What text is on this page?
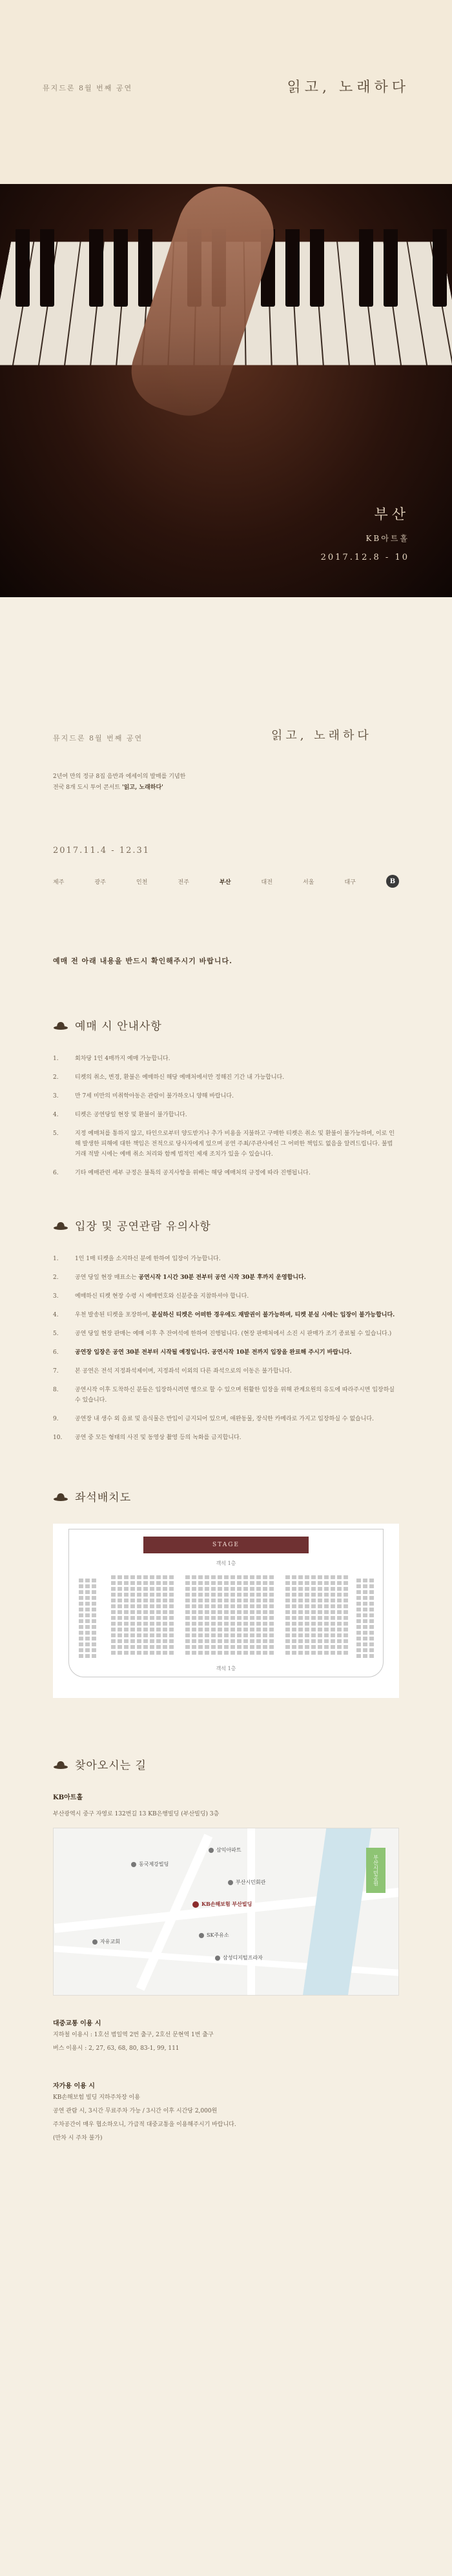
뮤지드론 8월 번째 공연	읽고, 노래하다
부산
KB아트홀
2017.12.8 - 10
뮤지드론 8월 번째 공연	읽고, 노래하다
2년여 만의 정규 8집 음반과 에세이의 발매를 기념한
전국 8개 도시 투어 콘서트 '읽고, 노래하다'
2017.11.4 - 12.31
제주	광주	인천	전주	부산	대전	서울	대구	B
예매 전 아래 내용을 반드시 확인해주시기 바랍니다.
예매 시 안내사항
1.	회차당 1인 4매까지 예매 가능합니다.
2.	티켓의 취소, 변경, 환불은 예매하신 해당 예매처에서만 정해진 기간 내 가능합니다.
3.	만 7세 미만의 미취학아동은 관람이 불가하오니 양해 바랍니다.
4.	티켓은 공연당일 현장 및 환불이 불가합니다.
5.	지정 예매처를 통하지 않고, 타인으로부터 양도받거나 추가 비용을 지불하고 구매한 티켓은 취소 및 환불이 불가능하며, 이로 인해 발생한 피해에 대한 책임은 전적으로 당사자에게 있으며 공연 주최/주관사에선 그 어떠한 책임도 없음을 알려드립니다. 불법 거래 적발 시에는 예매 취소 처리와 함께 법적인 제재 조치가 있을 수 있습니다.
6.	기타 예매관련 세부 규정은 불특의 공지사항을 위배는 해당 예매처의 규정에 따라 진행됩니다.
입장 및 공연관람 유의사항
1.	1인 1매 티켓을 소지하신 분에 한하여 입장이 가능합니다.
2.	공연 당일 현장 매표소는 공연시작 1시간 30분 전부터 공연 시작 30분 후까지 운영합니다.
3.	예매하신 티켓 현장 수령 시 예매번호와 신분증을 지참하셔야 합니다.
4.	우천 발송된 티켓을 포장하여, 분실하신 티켓은 어떠한 경우에도 재발권이 불가능하며, 티켓 분실 시에는 입장이 불가능합니다.
5.	공연 당일 현장 판매는 예매 이후 추 잔여석에 한하여 진행됩니다. (현장 판매처에서 소진 시 판매가 조기 종료될 수 있습니다.)
6.	공연장 입장은 공연 30분 전부터 시작될 예정입니다. 공연시작 10분 전까지 입장을 완료해 주시기 바랍니다.
7.	본 공연은 전석 지정좌석제이며, 지정좌석 이외의 다른 좌석으로의 이동은 불가합니다.
8.	공연시작 이후 도착하신 분들은 입장하시려면 행으로 할 수 있으며 원활한 입장을 위해 관계요원의 유도에 따라주시면 입장하실 수 있습니다.
9.	공연장 내 생수 외 음료 및 음식물은 반입이 금지되어 있으며, 애완동물, 장식한 카메라로 가지고 입장하실 수 없습니다.
10. 공연 중 모든 형태의 사진 및 동영상 촬영 등의 녹화를 금지합니다.
좌석배치도
STAGE
객석 1층
객석 1층
찾아오시는 길
KB아트홀
부산광역시 중구 자영로 132번길 13 KB은행빌딩 (부산빌딩) 3층
부산시민공원
동국제강빌딩
삼익아파트
부산시민회관
KB손해보험 부산빌딩
SK주유소
삼성디지털프라자
자유교회
대중교통 이용 시
지하철 이용시 : 1호선 범일역 2번 출구, 2호선 문현역 1번 출구
버스 이용시 : 2, 27, 63, 68, 80, 83-1, 99, 111
자가용 이용 시
KB손해보험 빌딩 지하주차장 이용
공연 관람 시, 3시간 무료주차 가능 / 3시간 이후 시간당 2,000원
주차공간이 매우 협소하오니, 가급적 대중교통을 이용해주시기 바랍니다.
(만차 시 주차 불가)
